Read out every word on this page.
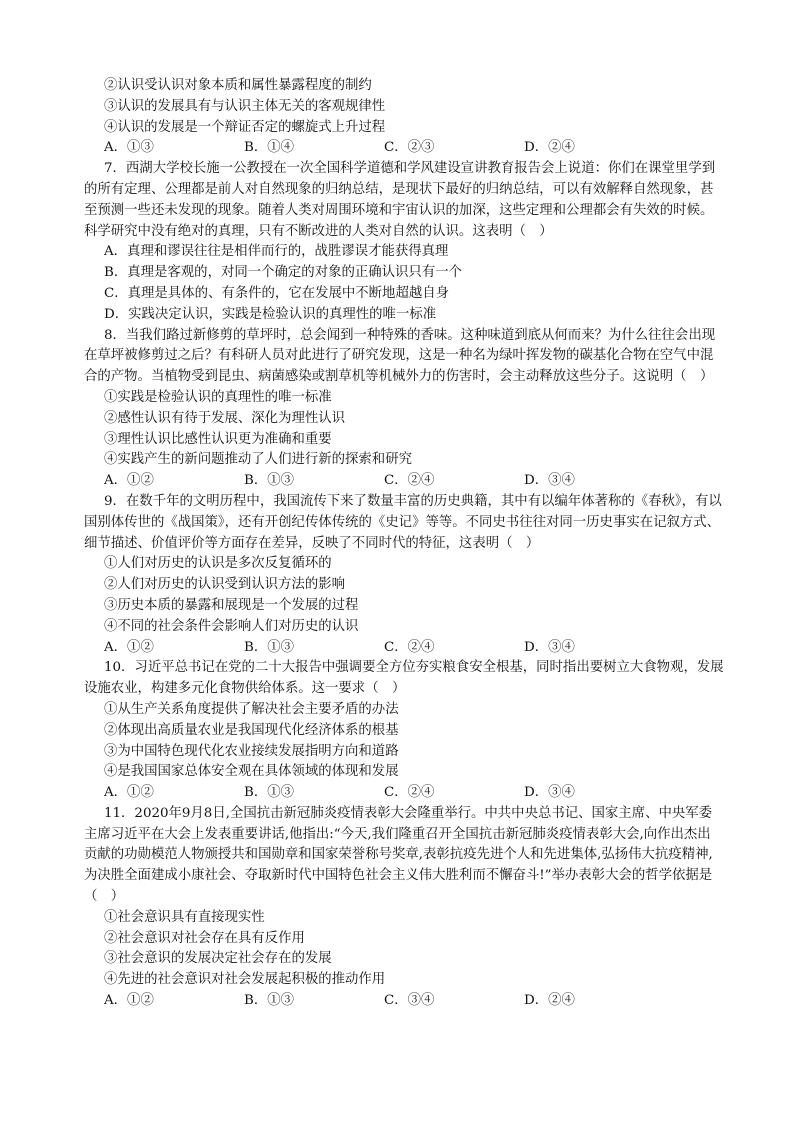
②认识受认识对象本质和属性暴露程度的制约
③认识的发展具有与认识主体无关的客观规律性
④认识的发展是一个辩证否定的螺旋式上升过程
A．①③	B．①④	C．②③	D．②④
7．西湖大学校长施一公教授在一次全国科学道德和学风建设宣讲教育报告会上说道：你们在课堂里学到的所有定理、公理都是前人对自然现象的归纳总结，是现状下最好的归纳总结，可以有效解释自然现象，甚至预测一些还未发现的现象。随着人类对周围环境和宇宙认识的加深，这些定理和公理都会有失效的时候。科学研究中没有绝对的真理，只有不断改进的人类对自然的认识。这表明（　）
A．真理和谬误往往是相伴而行的，战胜谬误才能获得真理
B．真理是客观的，对同一个确定的对象的正确认识只有一个
C．真理是具体的、有条件的，它在发展中不断地超越自身
D．实践决定认识，实践是检验认识的真理性的唯一标准
8．当我们路过新修剪的草坪时，总会闻到一种特殊的香味。这种味道到底从何而来？为什么往往会出现在草坪被修剪过之后？有科研人员对此进行了研究发现，这是一种名为绿叶挥发物的碳基化合物在空气中混合的产物。当植物受到昆虫、病菌感染或割草机等机械外力的伤害时，会主动释放这些分子。这说明（　）
①实践是检验认识的真理性的唯一标准
②感性认识有待于发展、深化为理性认识
③理性认识比感性认识更为准确和重要
④实践产生的新问题推动了人们进行新的探索和研究
A．①②	B．①③	C．②④	D．③④
9．在数千年的文明历程中，我国流传下来了数量丰富的历史典籍，其中有以编年体著称的《春秋》，有以国别体传世的《战国策》，还有开创纪传体传统的《史记》等等。不同史书往往对同一历史事实在记叙方式、细节描述、价值评价等方面存在差异，反映了不同时代的特征，这表明（　）
①人们对历史的认识是多次反复循环的
②人们对历史的认识受到认识方法的影响
③历史本质的暴露和展现是一个发展的过程
④不同的社会条件会影响人们对历史的认识
A．①②	B．①③	C．②④	D．③④
10．习近平总书记在党的二十大报告中强调要全方位夯实粮食安全根基，同时指出要树立大食物观，发展设施农业，构建多元化食物供给体系。这一要求（　）
①从生产关系角度提供了解决社会主要矛盾的办法
②体现出高质量农业是我国现代化经济体系的根基
③为中国特色现代化农业接续发展指明方向和道路
④是我国国家总体安全观在具体领域的体现和发展
A．①②	B．①③	C．②④	D．③④
11．2020年9月8日,全国抗击新冠肺炎疫情表彰大会隆重举行。中共中央总书记、国家主席、中央军委主席习近平在大会上发表重要讲话,他指出:“今天,我们隆重召开全国抗击新冠肺炎疫情表彰大会,向作出杰出贡献的功勋模范人物颁授共和国勋章和国家荣誉称号奖章,表彰抗疫先进个人和先进集体,弘扬伟大抗疫精神,为决胜全面建成小康社会、夺取新时代中国特色社会主义伟大胜利而不懈奋斗!”举办表彰大会的哲学依据是（　）
①社会意识具有直接现实性
②社会意识对社会存在具有反作用
③社会意识的发展决定社会存在的发展
④先进的社会意识对社会发展起积极的推动作用
A．①②	B．①③	C．③④	D．②④
